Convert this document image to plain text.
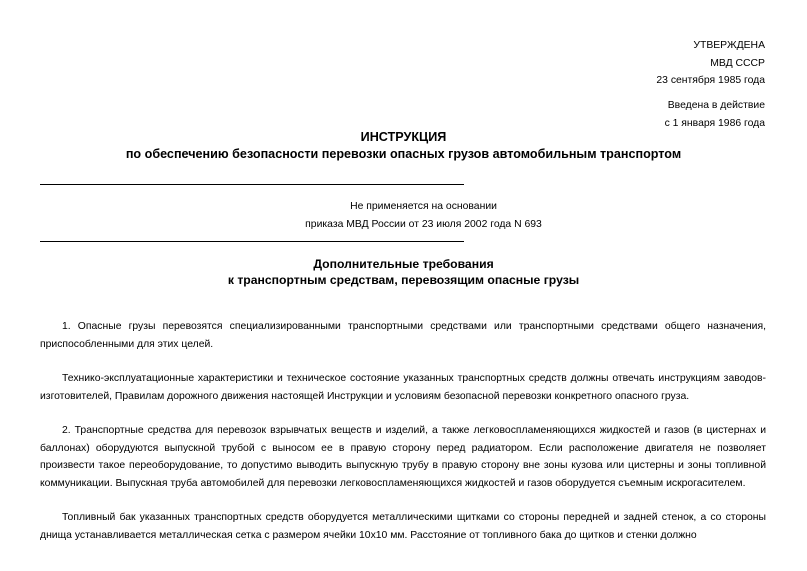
УТВЕРЖДЕНА
МВД СССР
23 сентября 1985 года
Введена в действие
с 1 января 1986 года
ИНСТРУКЦИЯ
по обеспечению безопасности перевозки опасных грузов автомобильным транспортом
Не применяется на основании
приказа МВД России от 23 июля 2002 года N 693
Дополнительные требования
к транспортным средствам, перевозящим опасные грузы

1. Опасные грузы перевозятся специализированными транспортными средствами или транспортными средствами общего назначения, приспособленными для этих целей.

Технико-эксплуатационные характеристики и техническое состояние указанных транспортных средств должны отвечать инструкциям заводов-изготовителей, Правилам дорожного движения настоящей Инструкции и условиям безопасной перевозки конкретного опасного груза.

2. Транспортные средства для перевозок взрывчатых веществ и изделий, а также легковоспламеняющихся жидкостей и газов (в цистернах и баллонах) оборудуются выпускной трубой с выносом ее в правую сторону перед радиатором. Если расположение двигателя не позволяет произвести такое переоборудование, то допустимо выводить выпускную трубу в правую сторону вне зоны кузова или цистерны и зоны топливной коммуникации. Выпускная труба автомобилей для перевозки легковоспламеняющихся жидкостей и газов оборудуется съемным искрогасителем.

Топливный бак указанных транспортных средств оборудуется металлическими щитками со стороны передней и задней стенок, а со стороны днища устанавливается металлическая сетка с размером ячейки 10x10 мм. Расстояние от топливного бака до щитков и стенки должно
